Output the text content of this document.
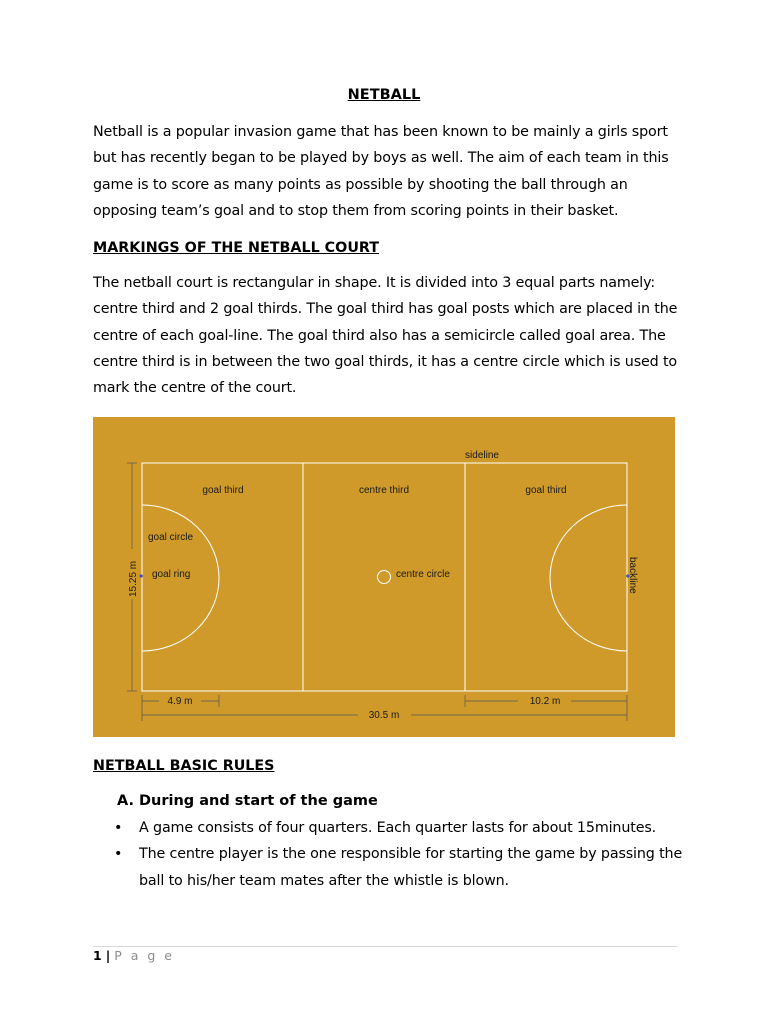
NETBALL

Netball is a popular invasion game that has been known to be mainly a girls sport
but has recently began to be played by boys as well. The aim of each team in this
game is to score as many points as possible by shooting the ball through an
opposing team’s goal and to stop them from scoring points in their basket.

MARKINGS OF THE NETBALL COURT

The netball court is rectangular in shape. It is divided into 3 equal parts namely:
centre third and 2 goal thirds. The goal third has goal posts which are placed in the
centre of each goal-line. The goal third also has a semicircle called goal area. The
centre third is in between the two goal thirds, it has a centre circle which is used to
mark the centre of the court.

sideline
goal third	centre third	goal third
goal circle
goal ring	centre circle	backline
15.25 m
4.9 m	10.2 m
30.5 m
NETBALL BASIC RULES
A. During and start of the game
• A game consists of four quarters. Each quarter lasts for about 15minutes.
• The centre player is the one responsible for starting the game by passing the
ball to his/her team mates after the whistle is blown.
1 | P a g e
